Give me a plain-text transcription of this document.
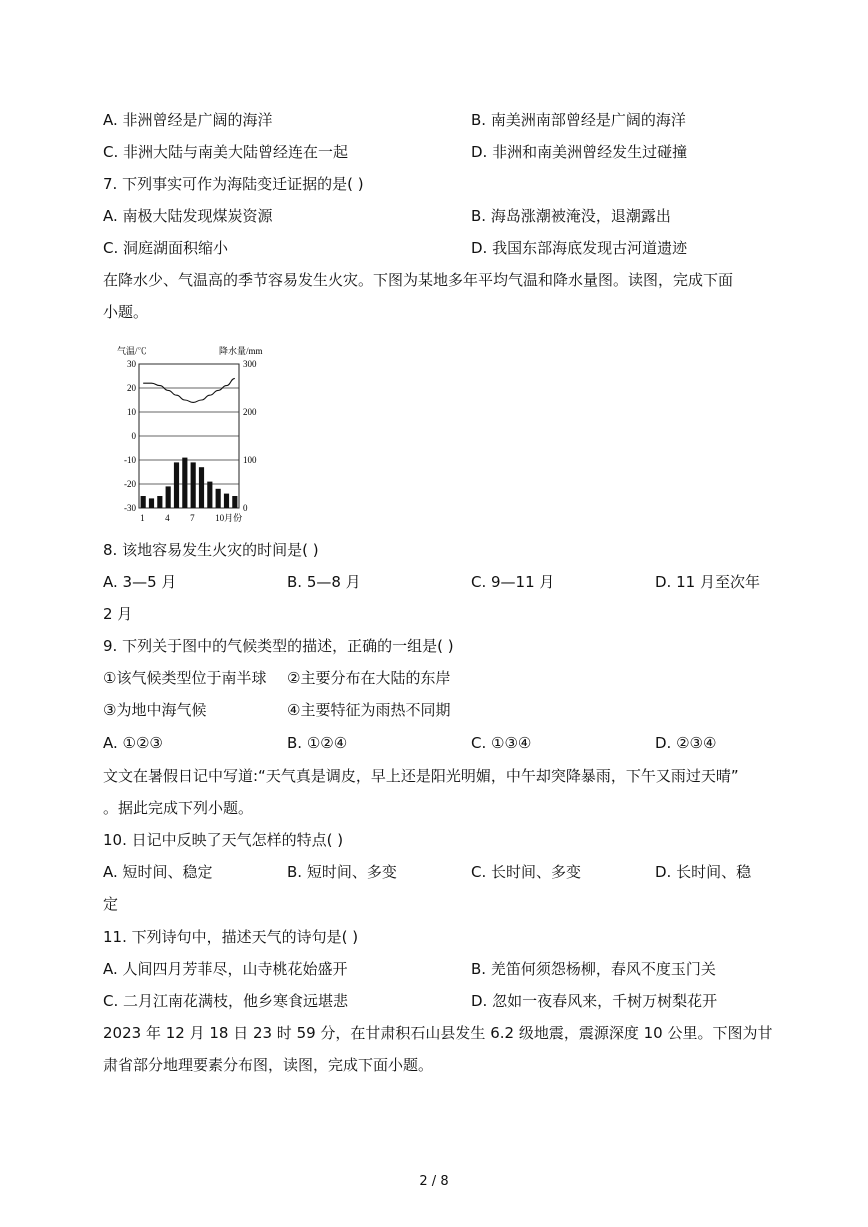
A. 非洲曾经是广阔的海洋	B. 南美洲南部曾经是广阔的海洋
C. 非洲大陆与南美大陆曾经连在一起	D. 非洲和南美洲曾经发生过碰撞
7. 下列事实可作为海陆变迁证据的是( )
A. 南极大陆发现煤炭资源	B. 海岛涨潮被淹没，退潮露出
C. 洞庭湖面积缩小	D. 我国东部海底发现古河道遗迹
在降水少、气温高的季节容易发生火灾。下图为某地多年平均气温和降水量图。读图，完成下面
小题。
30
20
10
0
-10
-20
-30
300
200
100
0
气温/℃	降水量/mm
1 4 7 10月份
8. 该地容易发生火灾的时间是( )
A. 3—5 月	B. 5—8 月	C. 9—11 月	D. 11 月至次年
2 月
9. 下列关于图中的气候类型的描述，正确的一组是( )
①该气候类型位于南半球 ②主要分布在大陆的东岸
③为地中海气候	④主要特征为雨热不同期
A. ①②③	B. ①②④	C. ①③④	D. ②③④
文文在暑假日记中写道:“天气真是调皮，早上还是阳光明媚，中午却突降暴雨，下午又雨过天晴”
。据此完成下列小题。
10. 日记中反映了天气怎样的特点( )
A. 短时间、稳定	B. 短时间、多变	C. 长时间、多变	D. 长时间、稳
定
11. 下列诗句中，描述天气的诗句是( )
A. 人间四月芳菲尽，山寺桃花始盛开	B. 羌笛何须怨杨柳，春风不度玉门关
C. 二月江南花满枝，他乡寒食远堪悲	D. 忽如一夜春风来，千树万树梨花开
2023 年 12 月 18 日 23 时 59 分，在甘肃积石山县发生 6.2 级地震，震源深度 10 公里。下图为甘
肃省部分地理要素分布图，读图，完成下面小题。
2 / 8
